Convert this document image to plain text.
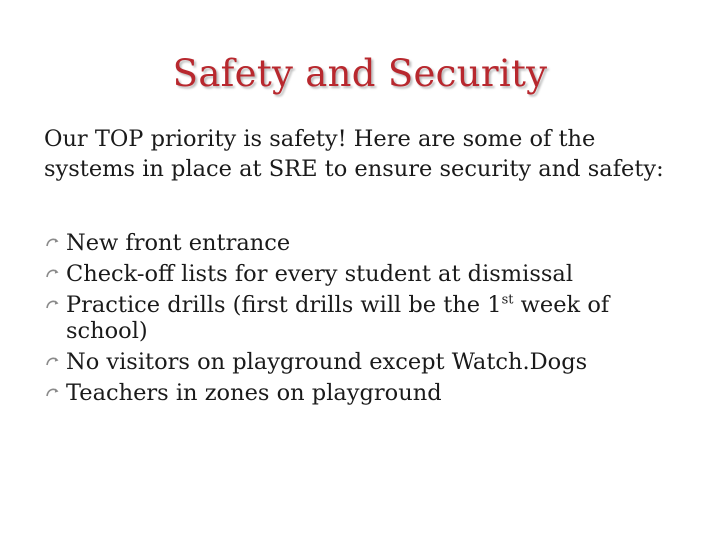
Safety and Security
Our TOP priority is safety! Here are some of the systems in place at SRE to ensure security and safety:
New front entrance
Check-off lists for every student at dismissal
Practice drills (first drills will be the 1st week of school)
No visitors on playground except Watch.Dogs
Teachers in zones on playground
